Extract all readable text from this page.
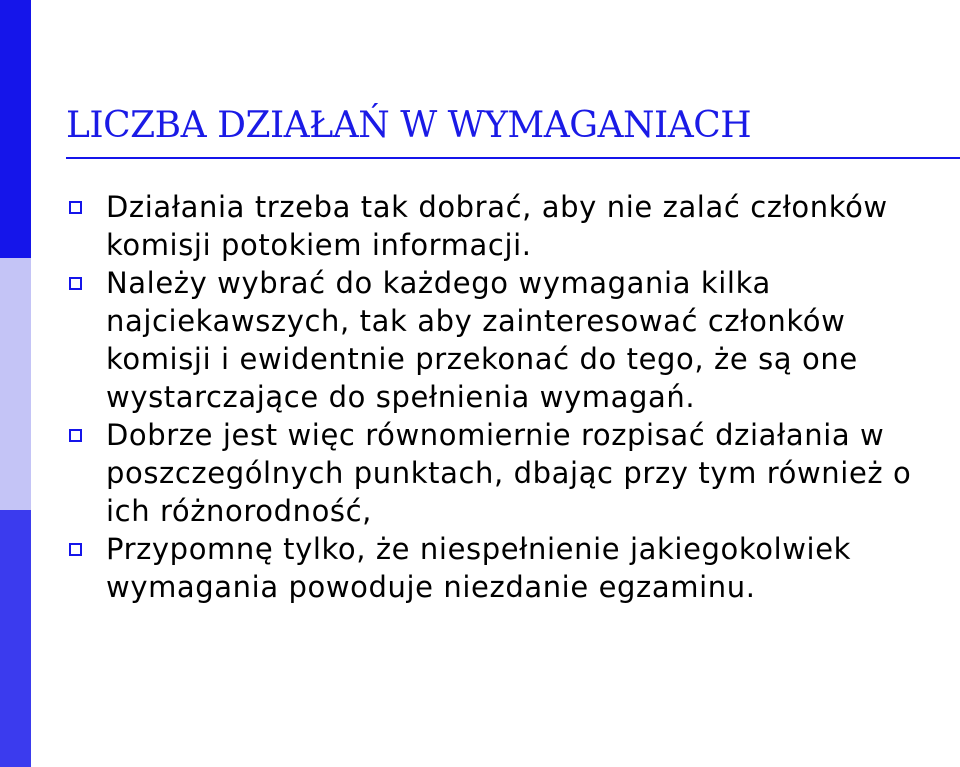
LICZBA DZIAŁAŃ W WYMAGANIACH
Działania trzeba tak dobrać, aby nie zalać członków komisji potokiem informacji.
Należy wybrać do każdego wymagania kilka najciekawszych, tak aby zainteresować członków komisji i ewidentnie przekonać do tego, że są one wystarczające do spełnienia wymagań.
Dobrze jest więc równomiernie rozpisać działania w poszczególnych punktach, dbając przy tym również o ich różnorodność,
Przypomnę tylko, że niespełnienie jakiegokolwiek wymagania powoduje niezdanie egzaminu.
